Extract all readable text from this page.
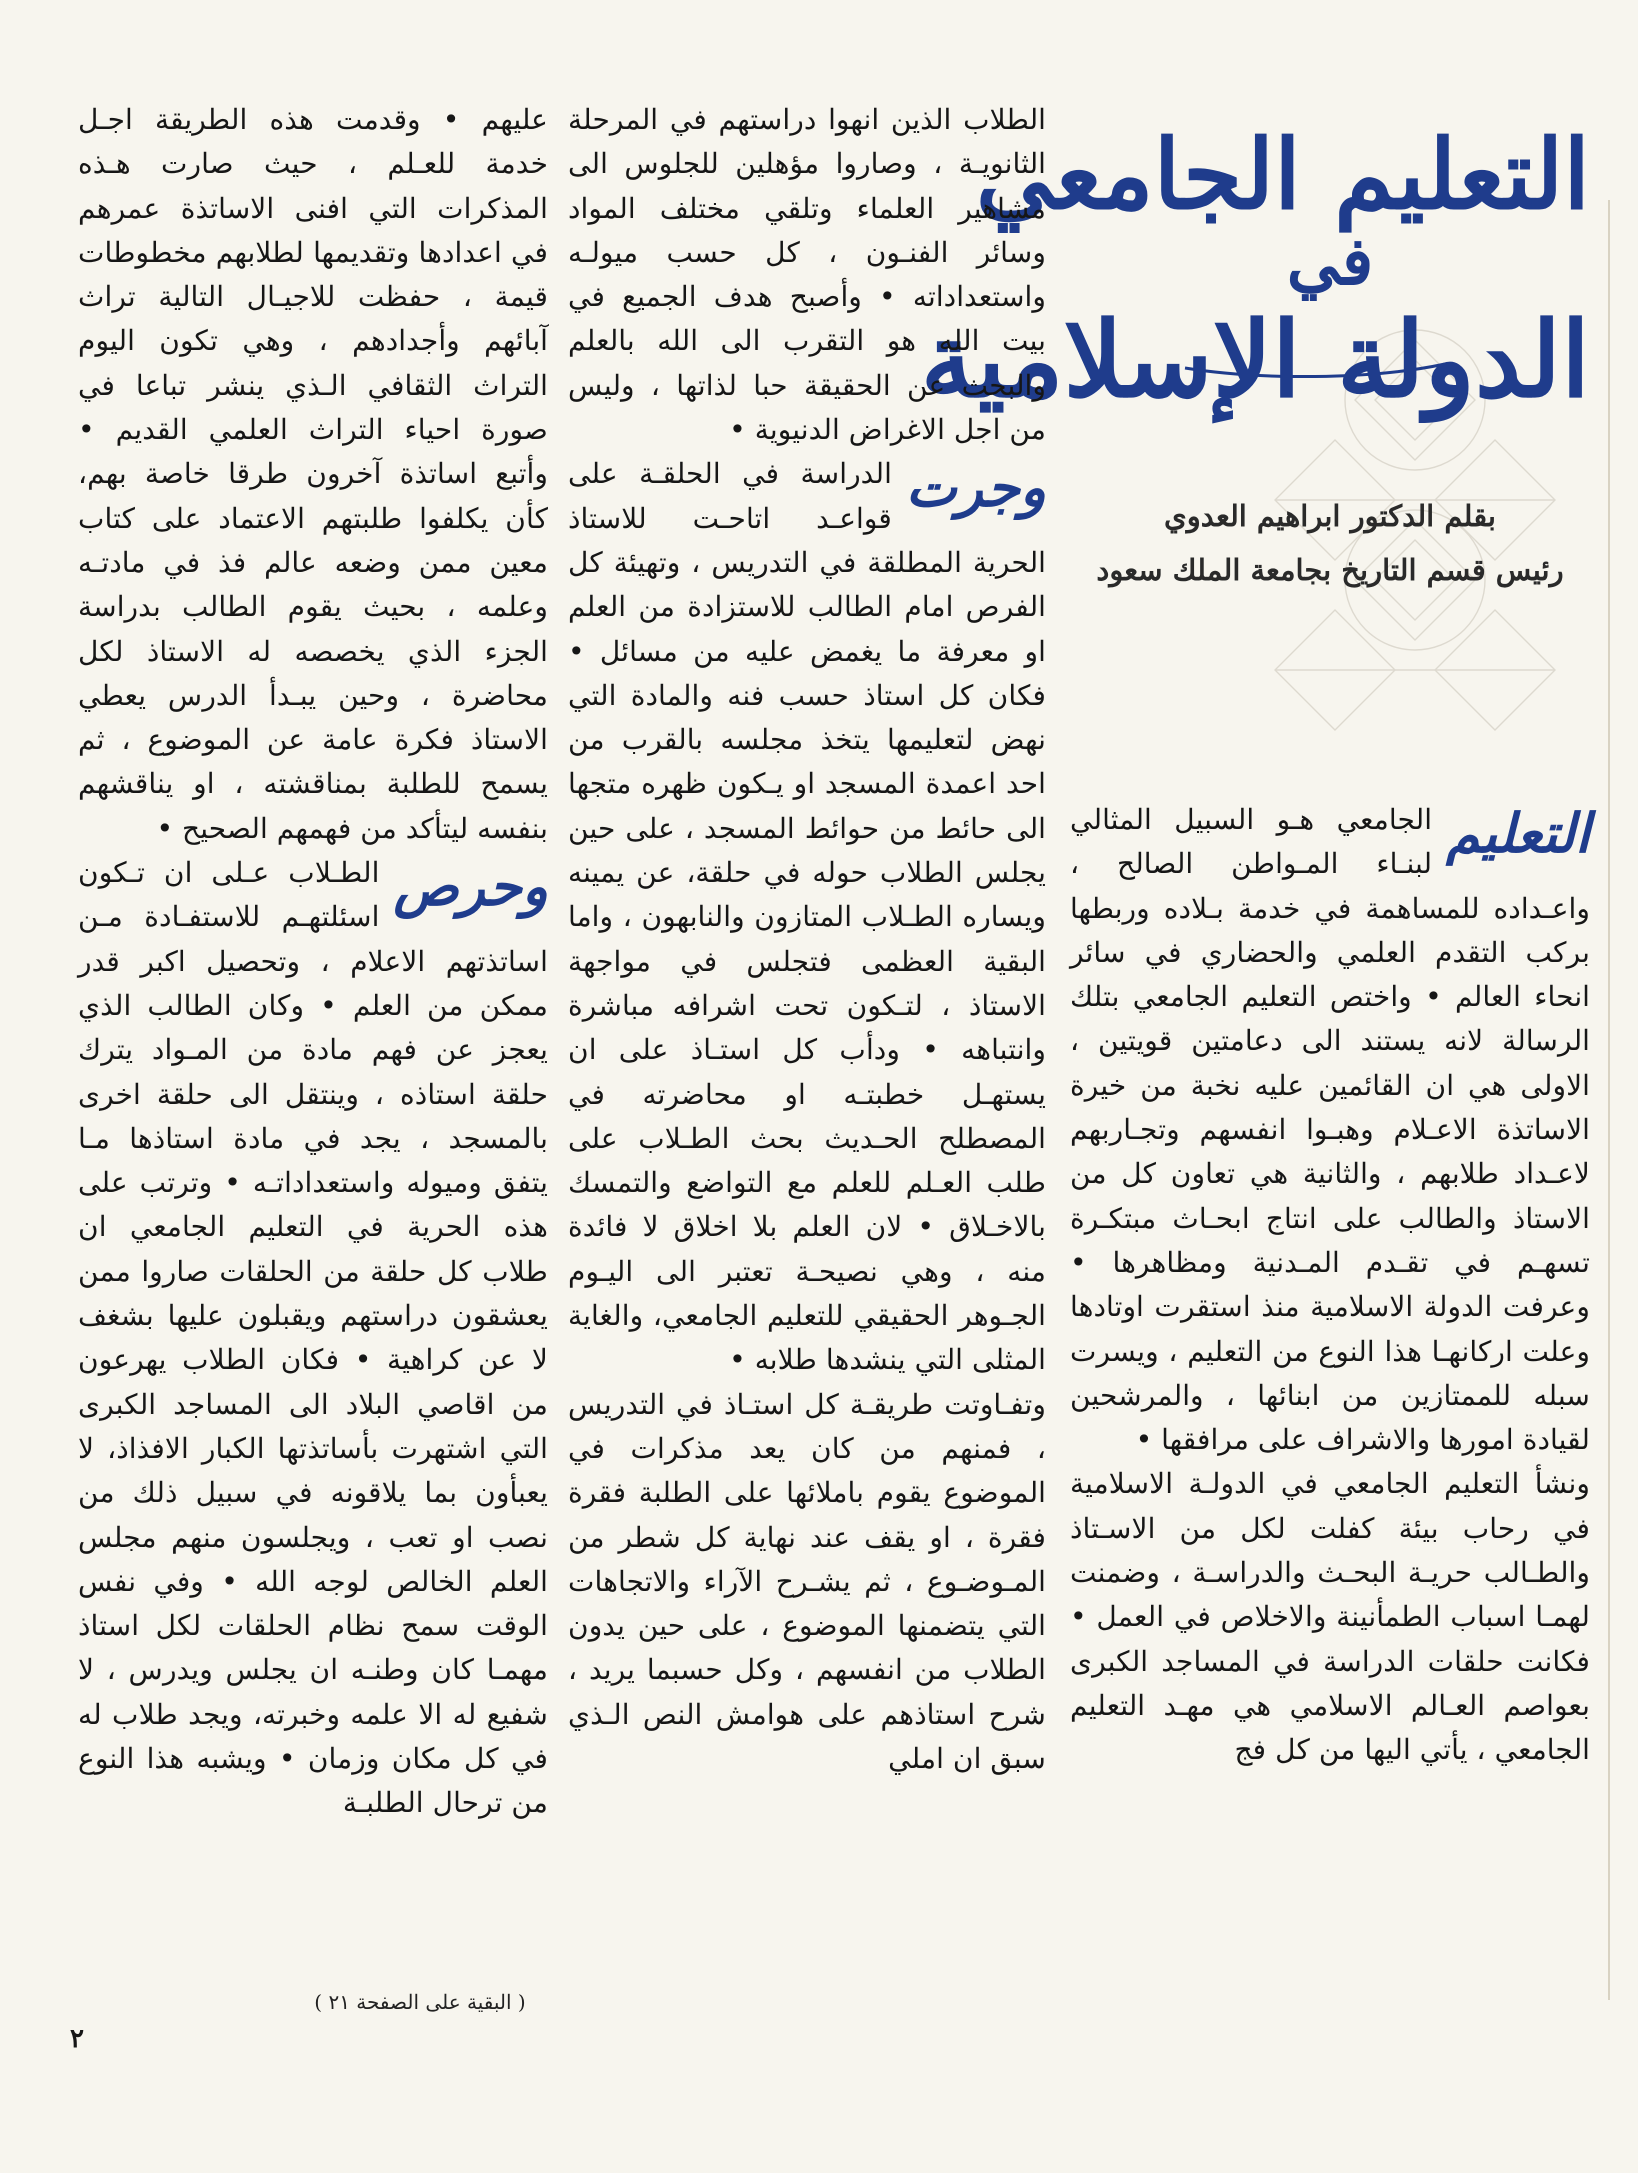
التعليم الجامعي

في

الدولة الإسلامية

بقلم الدكتور ابراهيم العدوي
رئيس قسم التاريخ بجامعة الملك سعود
التعليم

الجامعي هـو السبيل المثالي لبنـاء المـواطن الصالح ، واعـداده للمساهمة في خدمة بـلاده وربطها بركب التقدم العلمي والحضاري في سائر انحاء العالم • واختص التعليم الجامعي بتلك الرسالة لانه يستند الى دعامتين قويتين ، الاولى هي ان القائمين عليه نخبة من خيرة الاساتذة الاعـلام وهبـوا انفسهم وتجـاربهم لاعـداد طلابهم ، والثانية هي تعاون كل من الاستاذ والطالب على انتاج ابحـاث مبتكـرة تسهـم في تقـدم المـدنية ومظاهرها • وعرفت الدولة الاسلامية منذ استقرت اوتادها وعلت اركانهـا هذا النوع من التعليم ، ويسرت سبله للممتازين من ابنائها ، والمرشحين لقيادة امورها والاشراف على مرافقها •

ونشأ التعليم الجامعي في الدولـة الاسلامية في رحاب بيئة كفلت لكل من الاسـتاذ والطـالب حريـة البحـث والدراسـة ، وضمنت لهمـا اسباب الطمأنينة والاخلاص في العمل • فكانت حلقات الدراسة في المساجد الكبرى بعواصم العـالم الاسلامي هي مهـد التعليم الجامعي ، يأتي اليها من كل فج

الطلاب الذين انهوا دراستهم في المرحلة الثانويـة ، وصاروا مؤهلين للجلوس الى مشاهير العلماء وتلقي مختلف المواد وسائر الفنـون ، كل حسب ميولـه واستعداداته • وأصبح هدف الجميع في بيت الله هو التقرب الى الله بالعلم والبحث عن الحقيقة حبا لذاتها ، وليس من اجل الاغراض الدنيوية •

وجرت

الدراسة في الحلقـة على قواعـد اتاحـت للاستاذ الحرية المطلقة في التدريس ، وتهيئة كل الفرص امام الطالب للاستزادة من العلم او معرفة ما يغمض عليه من مسائل • فكان كل استاذ حسب فنه والمادة التي نهض لتعليمها يتخذ مجلسه بالقرب من احد اعمدة المسجد او يـكون ظهره متجها الى حائط من حوائط المسجد ، على حين يجلس الطلاب حوله في حلقة، عن يمينه ويساره الطـلاب المتازون والنابهون ، واما البقية العظمى فتجلس في مواجهة الاستاذ ، لتـكون تحت اشرافه مباشرة وانتباهه • ودأب كل استـاذ على ان يستهـل خطبتـه او محاضرته في المصطلح الحـديث بحث الطـلاب على طلب العـلم للعلم مع التواضع والتمسك بالاخـلاق • لان العلم بلا اخلاق لا فائدة منه ، وهي نصيحـة تعتبر الى اليـوم الجـوهر الحقيقي للتعليم الجامعي، والغاية المثلى التي ينشدها طلابه •

وتفـاوتت طريقـة كل استـاذ في التدريس ، فمنهم من كان يعد مذكرات في الموضوع يقوم باملائها على الطلبة فقرة فقرة ، او يقف عند نهاية كل شطر من المـوضـوع ، ثم يشـرح الآراء والاتجاهات التي يتضمنها الموضوع ، على حين يدون الطلاب من انفسهم ، وكل حسبما يريد ، شرح استاذهم على هوامش النص الـذي سبق ان املي

عليهم • وقدمت هذه الطريقة اجـل خدمة للعـلم ، حيث صارت هـذه المذكرات التي افنى الاساتذة عمرهم في اعدادها وتقديمها لطلابهم مخطوطات قيمة ، حفظت للاجيـال التالية تراث آبائهم وأجدادهم ، وهي تكون اليوم التراث الثقافي الـذي ينشر تباعا في صورة احياء التراث العلمي القديم • وأتبع اساتذة آخرون طرقا خاصة بهم، كأن يكلفوا طلبتهم الاعتماد على كتاب معين ممن وضعه عالم فذ في مادتـه وعلمه ، بحيث يقوم الطالب بدراسة الجزء الذي يخصصه له الاستاذ لكل محاضرة ، وحين يبـدأ الدرس يعطي الاستاذ فكرة عامة عن الموضوع ، ثم يسمح للطلبة بمناقشته ، او يناقشهم بنفسه ليتأكد من فهمهم الصحيح •

وحرص

الطـلاب عـلى ان تـكون اسئلتهـم للاستفـادة مـن اساتذتهم الاعلام ، وتحصيل اكبر قدر ممكن من العلم • وكان الطالب الذي يعجز عن فهم مادة من المـواد يترك حلقة استاذه ، وينتقل الى حلقة اخرى بالمسجد ، يجد في مادة استاذها مـا يتفق وميوله واستعداداتـه • وترتب على هذه الحرية في التعليم الجامعي ان طلاب كل حلقة من الحلقات صاروا ممن يعشقون دراستهم ويقبلون عليها بشغف لا عن كراهية • فكان الطلاب يهرعون من اقاصي البلاد الى المساجد الكبرى التي اشتهرت بأساتذتها الكبار الافذاذ، لا يعبأون بما يلاقونه في سبيل ذلك من نصب او تعب ، ويجلسون منهم مجلس العلم الخالص لوجه الله • وفي نفس الوقت سمح نظام الحلقات لكل استاذ مهمـا كان وطنـه ان يجلس ويدرس ، لا شفيع له الا علمه وخبرته، ويجد طلاب له في كل مكان وزمان • ويشبه هذا النوع من ترحال الطلبـة

( البقية على الصفحة ٢١ )
٢
